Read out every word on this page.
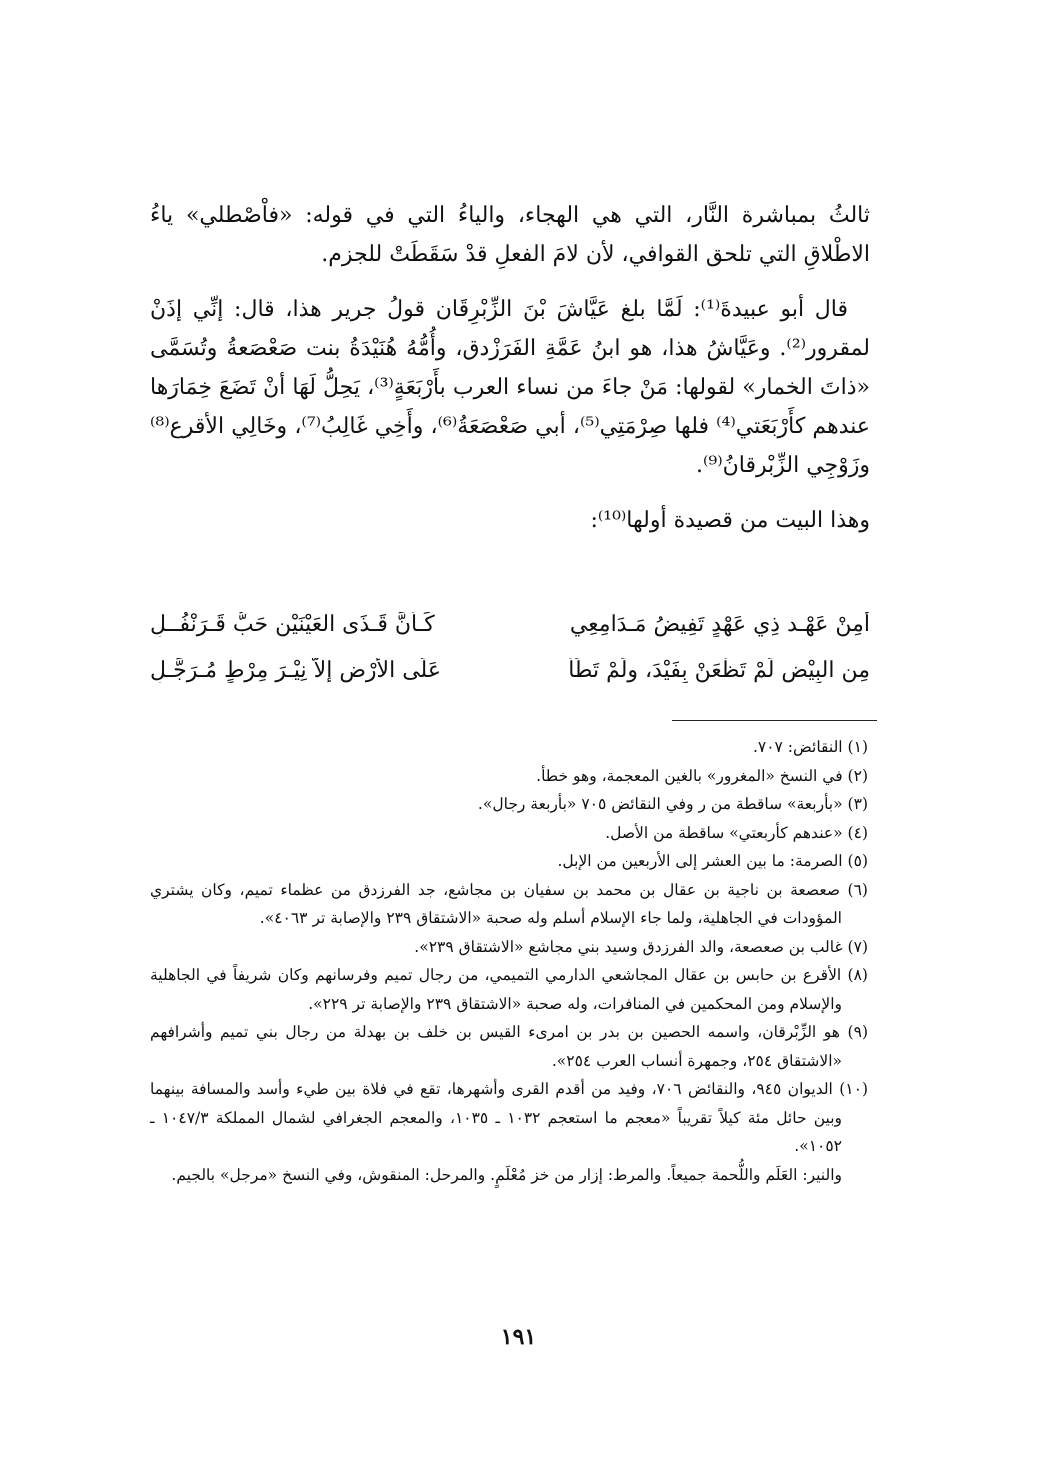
ثالثُ بمباشرة النَّار، التي هي الهجاء، والياءُ التي في قوله: «فاْصْطلي» ياءُ الاطْلاقِ التي تلحق القوافي، لأن لامَ الفعلِ قدْ سَقَطَتْ للجزم.

قال أبو عبيدةَ⁽¹⁾: لَمَّا بلغ عَيَّاشَ بْنَ الزِّبْرِقَان قولُ جرير هذا، قال: إنِّي إذَنْ لمقرور⁽²⁾. وعَيَّاشُ هذا، هو ابنُ عَمَّةِ الفَرَزْدق، وأُمُّهُ هُنَيْدَةُ بنت صَعْصَعةُ وتُسَمَّى «ذاتَ الخمار» لقولها: مَنْ جاءَ من نساء العرب بأَرْبَعَةٍ⁽³⁾، يَحِلُّ لَهَا أنْ تَضَعَ خِمَارَها عندهم كأَرْبَعَتي⁽⁴⁾ فلها صِرْمَتِي⁽⁵⁾، أبي صَعْصَعَةُ⁽⁶⁾، وأَخِي غَالِبُ⁽⁷⁾، وخَالِي الأقرع⁽⁸⁾ وزَوْجِي الزِّبْرقانُ⁽⁹⁾.

وهذا البيت من قصيدة أولها⁽¹⁰⁾:

أَمِنْ عَهْـد ذِي عَهْدٍ تَفِيضُ مَـدَامِعِي
كَـأنَّ قَـذَى العَيْنَيْن حَبُّ قَـرَنْفُــلِ
مِنِ البِيْضِ لَمْ تَظْعَنْ بِفَيْدَ، ولَمْ تَطَأْ
عَلَى الأَرْضِ إلاَّ نِيْـرَ مِرْطٍ مُـرَجَّـلِ

(١) النقائض: ٧٠٧.

(٢) في النسخ «المغرور» بالغين المعجمة، وهو خطأ.

(٣) «بأربعة» ساقطة من ر وفي النقائض ٧٠٥ «بأربعة رجال».

(٤) «عندهم كأربعتي» ساقطة من الأصل.

(٥) الصرمة: ما بين العشر إلى الأربعين من الإبل.

(٦) صعصعة بن ناجية بن عقال بن محمد بن سفيان بن مجاشع، جد الفرزدق من عظماء تميم، وكان يشتري المؤودات في الجاهلية، ولما جاء الإسلام أسلم وله صحبة «الاشتقاق ٢٣٩ والإصابة تر ٤٠٦٣».

(٧) غالب بن صعصعة، والد الفرزدق وسيد بني مجاشع «الاشتقاق ٢٣٩».

(٨) الأقرع بن حابس بن عقال المجاشعي الدارمي التميمي، من رجال تميم وفرسانهم وكان شريفاً في الجاهلية والإسلام ومن المحكمين في المنافرات، وله صحبة «الاشتقاق ٢٣٩ والإصابة تر ٢٢٩».

(٩) هو الزِّبْرقان، واسمه الحصين بن بدر بن امرىء القيس بن خلف بن بهدلة من رجال بني تميم وأشرافهم «الاشتقاق ٢٥٤، وجمهرة أنساب العرب ٢٥٤».

(١٠) الديوان ٩٤٥، والنقائض ٧٠٦، وفيد من أقدم القرى وأشهرها، تقع في فلاة بين طيء وأسد والمسافة بينهما وبين حائل مئة كيلاً تقريباً «معجم ما استعجم ١٠٣٢ ـ ١٠٣٥، والمعجم الجغرافي لشمال المملكة ١٠٤٧/٣ ـ ١٠٥٢».

والنير: العَلَم واللُّحمة جميعاً. والمرط: إزار من خز مُعْلَمٍ. والمرحل: المنقوش، وفي النسخ «مرجل» بالجيم.

١٩١
